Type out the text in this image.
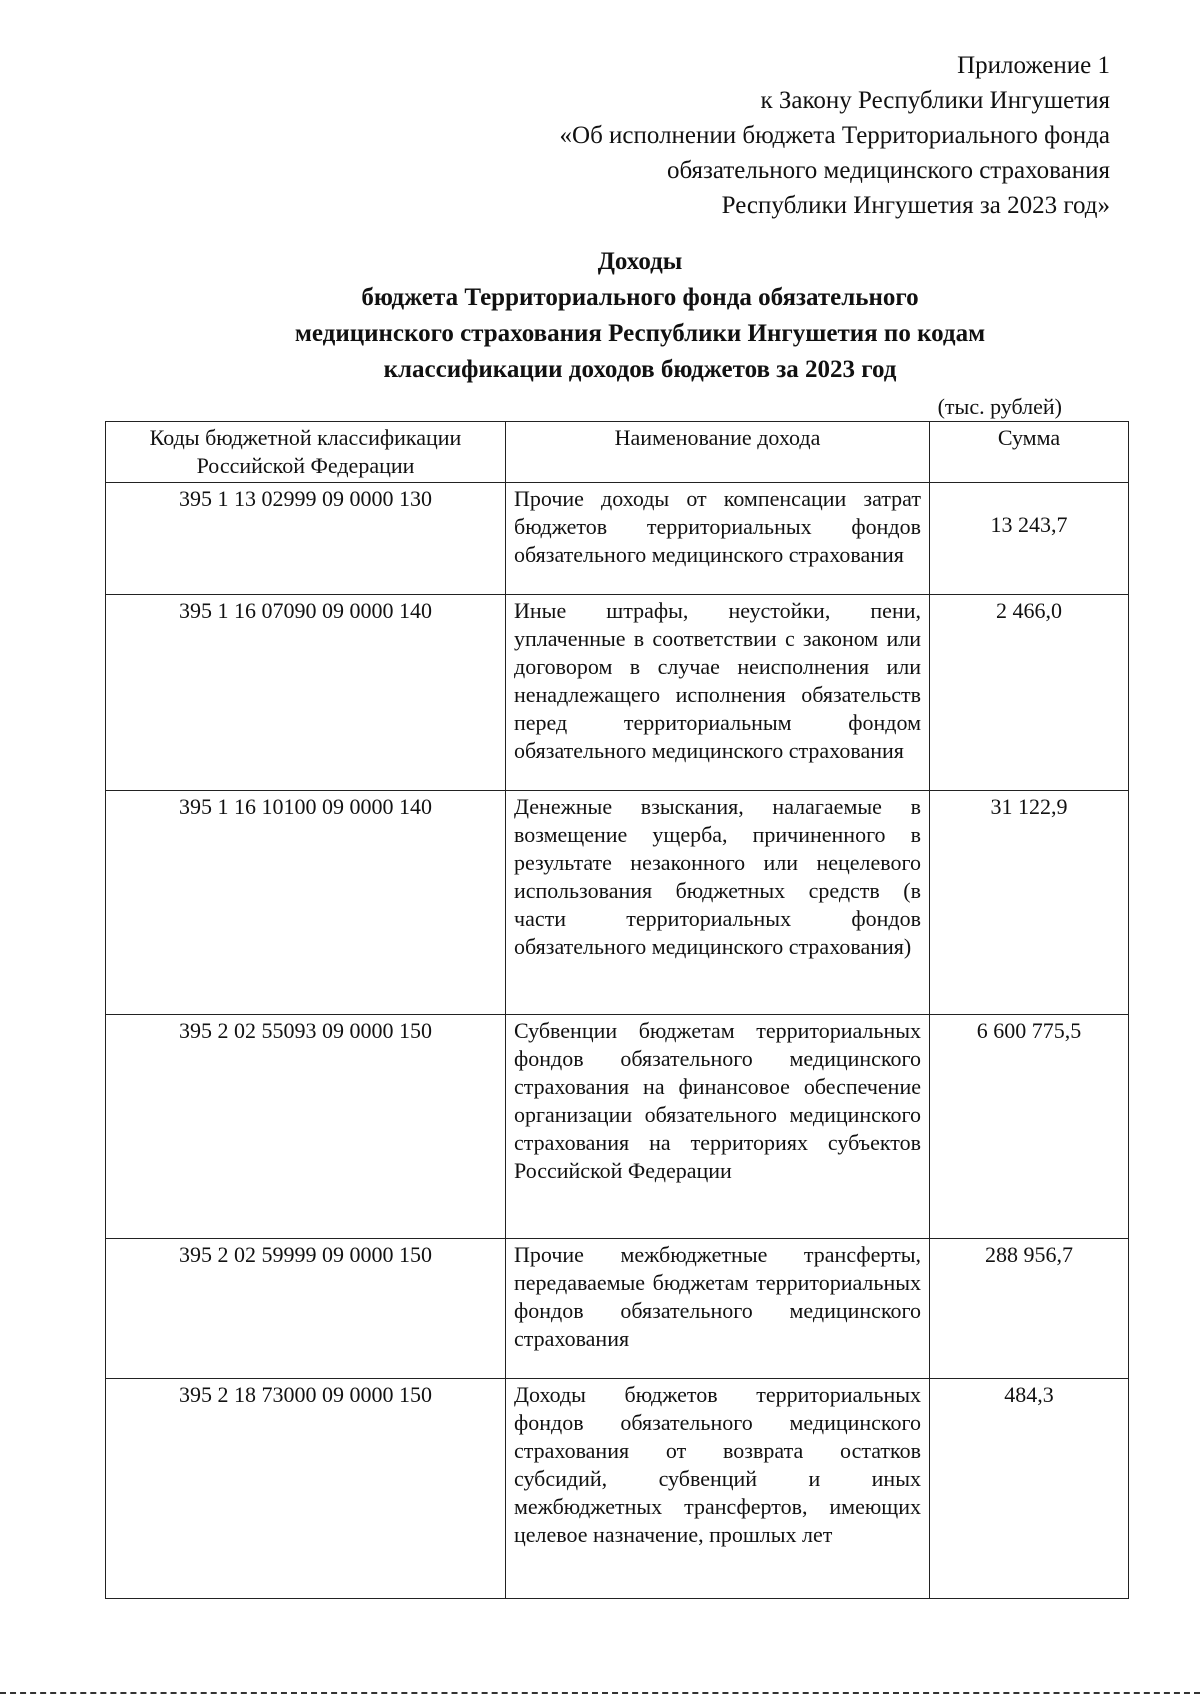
Приложение 1
к Закону Республики Ингушетия
«Об исполнении бюджета Территориального фонда
обязательного медицинского страхования
Республики Ингушетия за 2023 год»
Доходы
бюджета Территориального фонда обязательного
медицинского страхования Республики Ингушетия по кодам
классификации доходов бюджетов за 2023 год
(тыс. рублей)
Коды бюджетной классификации Российской Федерации	Наименование дохода	Сумма
395 1 13 02999 09 0000 130	Прочие доходы от компенсации затрат бюджетов территориальных фондов обязательного медицинского страхования	13 243,7
395 1 16 07090 09 0000 140	Иные штрафы, неустойки, пени, уплаченные в соответствии с законом или договором в случае неисполнения или ненадлежащего исполнения обязательств перед территориальным фондом обязательного медицинского страхования	2 466,0
395 1 16 10100 09 0000 140	Денежные взыскания, налагаемые в возмещение ущерба, причиненного в результате незаконного или нецелевого использования бюджетных средств (в части территориальных фондов обязательного медицинского страхования)	31 122,9
395 2 02 55093 09 0000 150	Субвенции бюджетам территориальных фондов обязательного медицинского страхования на финансовое обеспечение организации обязательного медицинского страхования на территориях субъектов Российской Федерации	6 600 775,5
395 2 02 59999 09 0000 150	Прочие межбюджетные трансферты, передаваемые бюджетам территориальных фондов обязательного медицинского страхования	288 956,7
395 2 18 73000 09 0000 150	Доходы бюджетов территориальных фондов обязательного медицинского страхования от возврата остатков субсидий, субвенций и иных межбюджетных трансфертов, имеющих целевое назначение, прошлых лет	484,3
